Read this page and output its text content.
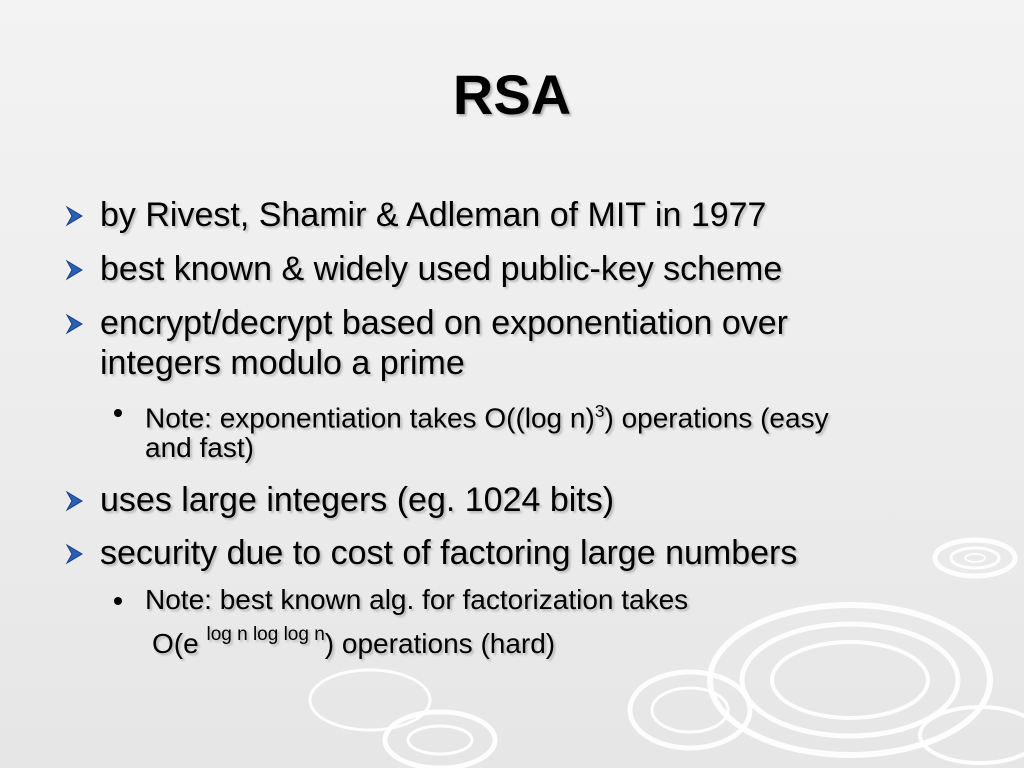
RSA
by Rivest, Shamir & Adleman of MIT in 1977
best known & widely used public-key scheme
encrypt/decrypt based on exponentiation over
integers modulo a prime
Note: exponentiation takes O((log n)$^3$) operations (easy
and fast)
uses large integers (eg. 1024 bits)
security due to cost of factoring large numbers
Note: best known alg. for factorization takes
O(e $^{log n log log n}$) operations (hard)
